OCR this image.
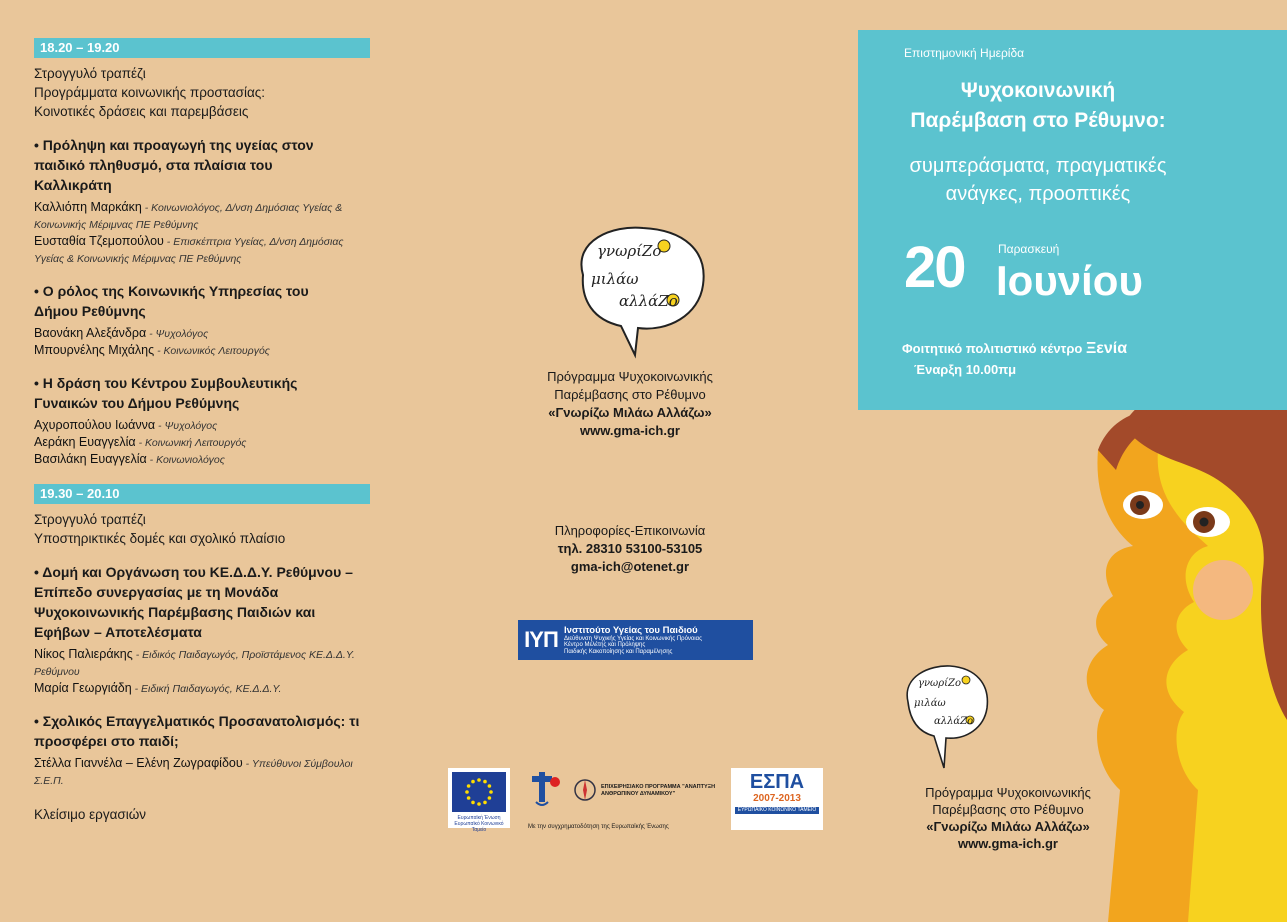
18.20 – 19.20
Στρογγυλό τραπέζι
Προγράμματα κοινωνικής προστασίας:
Κοινοτικές δράσεις και παρεμβάσεις
• Πρόληψη και προαγωγή της υγείας στον παιδικό πληθυσμό, στα πλαίσια του Καλλικράτη
Καλλιόπη Μαρκάκη - Κοινωνιολόγος, Δ/νση Δημόσιας Υγείας & Κοινωνικής Μέριμνας ΠΕ Ρεθύμνης
Ευσταθία Τζεμοπούλου - Επισκέπτρια Υγείας, Δ/νση Δημόσιας Υγείας & Κοινωνικής Μέριμνας ΠΕ Ρεθύμνης
• Ο ρόλος της Κοινωνικής Υπηρεσίας του Δήμου Ρεθύμνης
Βαονάκη Αλεξάνδρα - Ψυχολόγος
Μπουρνέλης Μιχάλης - Κοινωνικός Λειτουργός
• Η δράση του Κέντρου Συμβουλευτικής Γυναικών του Δήμου Ρεθύμνης
Αχυροπούλου Ιωάννα - Ψυχολόγος
Αεράκη Ευαγγελία - Κοινωνική Λειτουργός
Βασιλάκη Ευαγγελία - Κοινωνιολόγος
19.30 – 20.10
Στρογγυλό τραπέζι
Υποστηρικτικές δομές και σχολικό πλαίσιο
• Δομή και Οργάνωση του ΚΕ.Δ.Δ.Υ. Ρεθύμνου – Επίπεδο συνεργασίας με τη Μονάδα Ψυχοκοινωνικής Παρέμβασης Παιδιών και Εφήβων – Αποτελέσματα
Νίκος Παλιεράκης - Ειδικός Παιδαγωγός, Προϊστάμενος ΚΕ.Δ.Δ.Υ. Ρεθύμνου
Μαρία Γεωργιάδη - Ειδική Παιδαγωγός, ΚΕ.Δ.Δ.Υ.
• Σχολικός Επαγγελματικός Προσανατολισμός: τι προσφέρει στο παιδί;
Στέλλα Γιαννέλα – Ελένη Ζωγραφίδου - Υπεύθυνοι Σύμβουλοι Σ.Ε.Π.
Κλείσιμο εργασιών
γνωρίΖο
μιλάω
αλλάΖο
Πρόγραμμα Ψυχοκοινωνικής
Παρέμβασης στο Ρέθυμνο
«Γνωρίζω Μιλάω Αλλάζω»
www.gma-ich.gr
Πληροφορίες-Επικοινωνία
τηλ. 28310 53100-53105
gma-ich@otenet.gr
ΙΥΠ Ινστιτούτο Υγείας του Παιδιού
Διεύθυνση Ψυχικής Υγείας και Κοινωνικής Πρόνοιας
Κέντρο Μελέτης και Πρόληψης
Παιδικής Κακοποίησης και Παραμέλησης
Ευρωπαϊκή Ένωση
Ευρωπαϊκό Κοινωνικό Ταμείο
ΕΠΙΧΕΙΡΗΣΙΑΚΟ ΠΡΟΓΡΑΜΜΑ "ΑΝΑΠΤΥΞΗ ΑΝΘΡΩΠΙΝΟΥ ΔΥΝΑΜΙΚΟΥ"
Με την συγχρηματοδότηση της Ευρωπαϊκής Ένωσης
ΕΣΠΑ
2007-2013
ΕΥΡΩΠΑΪΚΟ ΚΟΙΝΩΝΙΚΟ ΤΑΜΕΙΟ
Επιστημονική Ημερίδα
Ψυχοκοινωνική
Παρέμβαση στο Ρέθυμνο:
συμπεράσματα, πραγματικές
ανάγκες, προοπτικές
20	Παρασκευή
Ιουνίου
Φοιτητικό πολιτιστικό κέντρο Ξενία
Έναρξη 10.00πμ
γνωρίΖο
μιλάω
αλλάΖο
Πρόγραμμα Ψυχοκοινωνικής
Παρέμβασης στο Ρέθυμνο
«Γνωρίζω Μιλάω Αλλάζω»
www.gma-ich.gr
